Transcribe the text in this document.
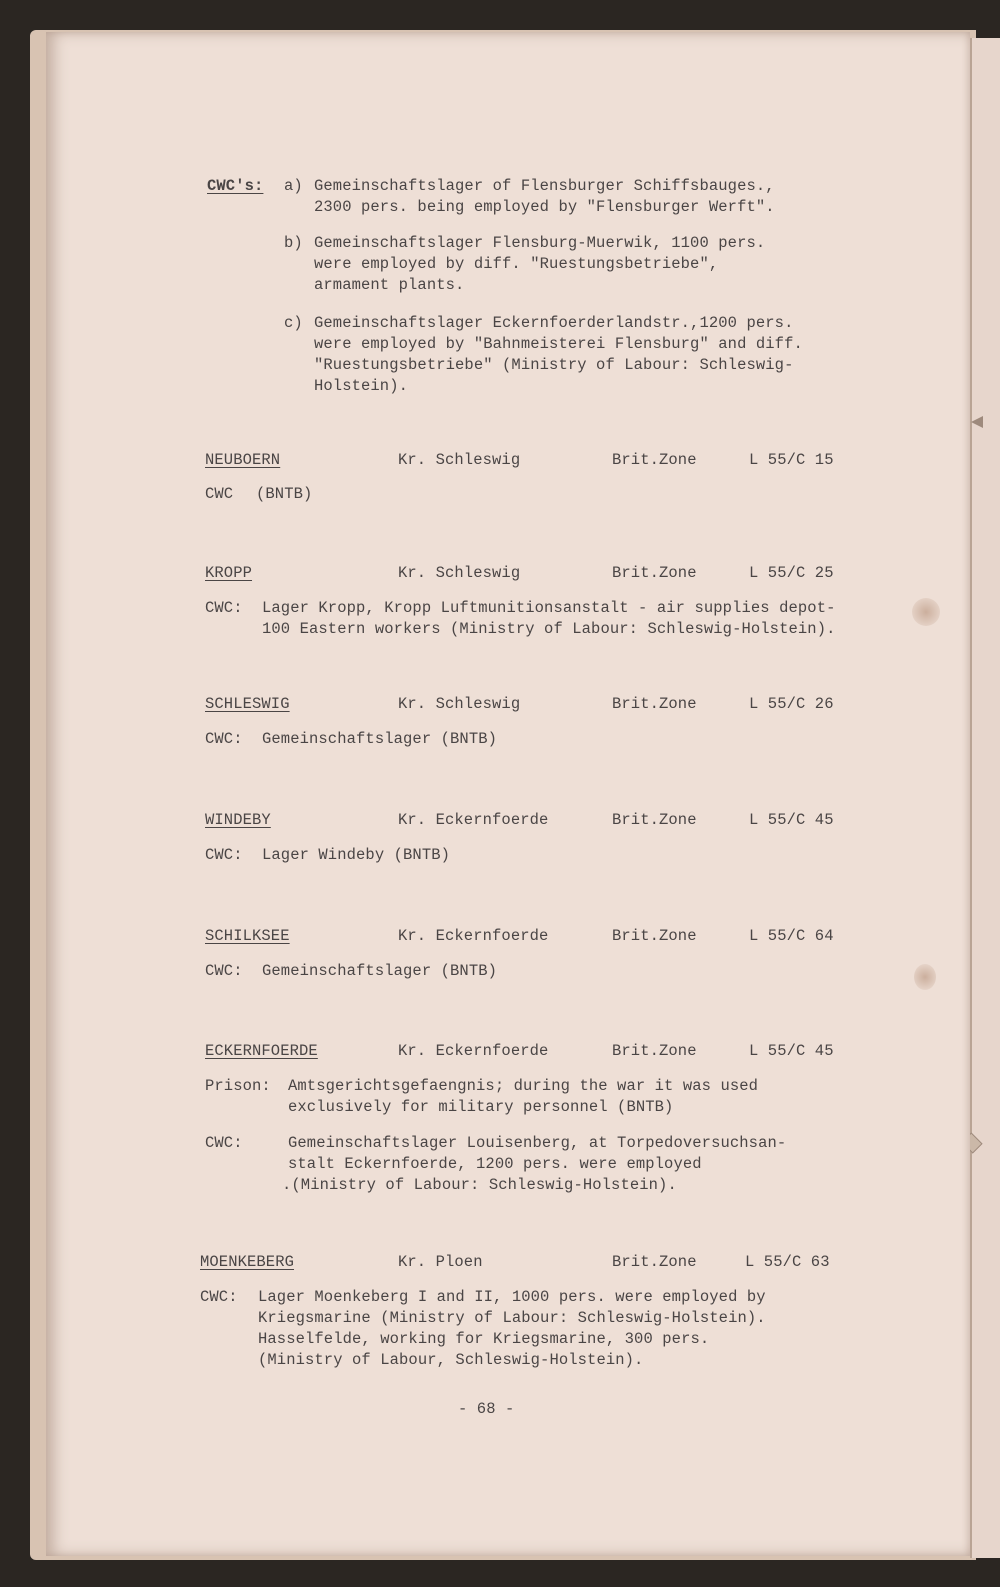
CWC's: a) Gemeinschaftslager of Flensburger Schiffsbauges.,
2300 pers. being employed by "Flensburger Werft".
b) Gemeinschaftslager Flensburg-Muerwik, 1100 pers.
were employed by diff. "Ruestungsbetriebe",
armament plants.
c) Gemeinschaftslager Eckernfoerderlandstr.,1200 pers.
were employed by "Bahnmeisterei Flensburg" and diff.
"Ruestungsbetriebe" (Ministry of Labour: Schleswig-
Holstein).
NEUBOERN	Kr. Schleswig	Brit.Zone	L 55/C 15
CWC (BNTB)
KROPP	Kr. Schleswig	Brit.Zone	L 55/C 25
CWC: Lager Kropp, Kropp Luftmunitionsanstalt - air supplies depot-
100 Eastern workers (Ministry of Labour: Schleswig-Holstein).
SCHLESWIG	Kr. Schleswig	Brit.Zone	L 55/C 26
CWC: Gemeinschaftslager (BNTB)
WINDEBY	Kr. Eckernfoerde	Brit.Zone	L 55/C 45
CWC: Lager Windeby (BNTB)
SCHILKSEE	Kr. Eckernfoerde	Brit.Zone	L 55/C 64
CWC: Gemeinschaftslager (BNTB)
ECKERNFOERDE	Kr. Eckernfoerde	Brit.Zone	L 55/C 45
Prison: Amtsgerichtsgefaengnis; during the war it was used
exclusively for military personnel (BNTB)
CWC:	Gemeinschaftslager Louisenberg, at Torpedoversuchsan-
stalt Eckernfoerde, 1200 pers. were employed
.(Ministry of Labour: Schleswig-Holstein).
MOENKEBERG	Kr. Ploen	Brit.Zone	L 55/C 63
CWC: Lager Moenkeberg I and II, 1000 pers. were employed by
Kriegsmarine (Ministry of Labour: Schleswig-Holstein).
Hasselfelde, working for Kriegsmarine, 300 pers.
(Ministry of Labour, Schleswig-Holstein).
- 68 -
